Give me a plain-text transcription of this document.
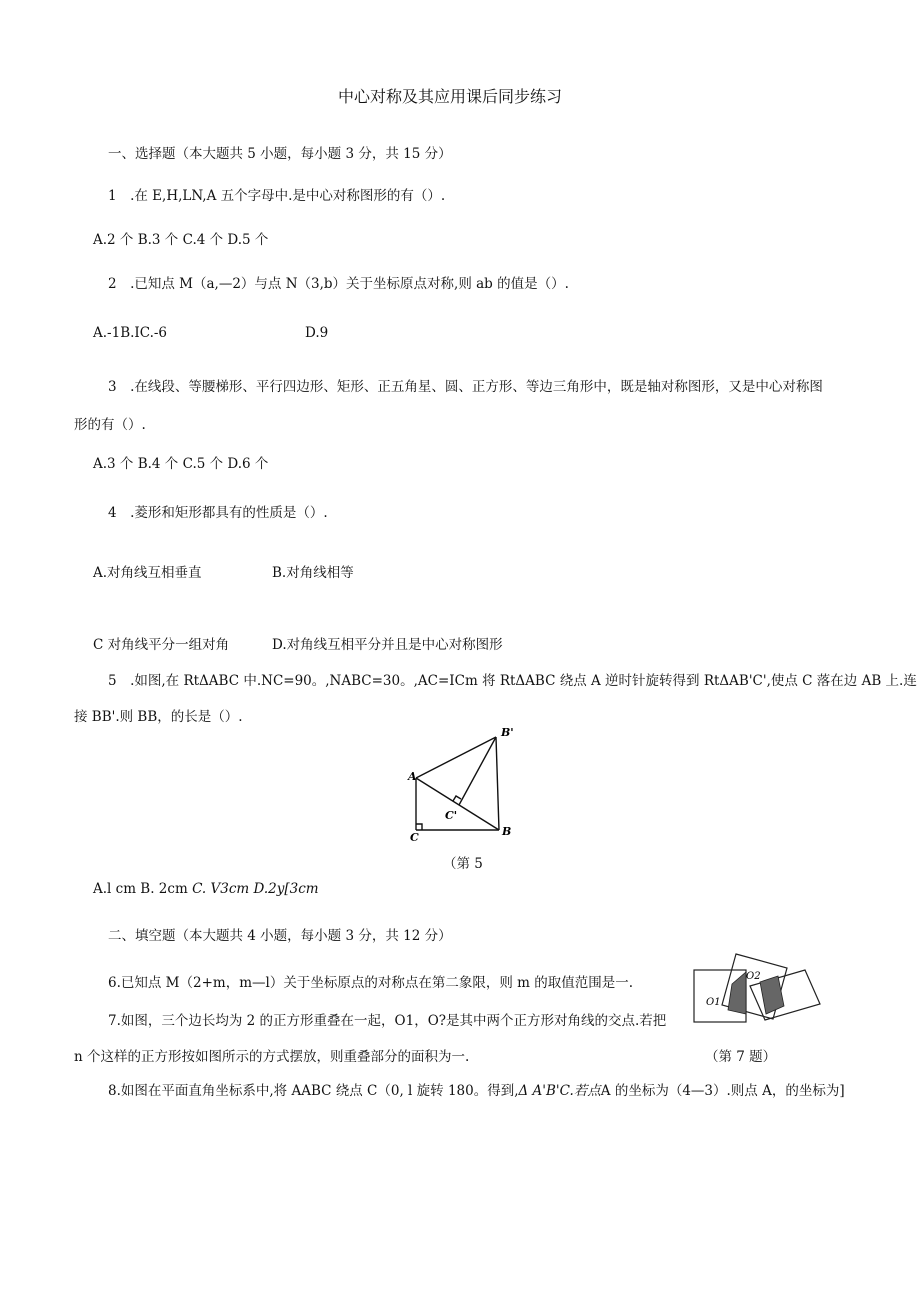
中心对称及其应用课后同步练习
一、选择题（本大题共 5 小题，每小题 3 分，共 15 分）
1　.在 E,H,LN,A 五个字母中.是中心对称图形的有（）.
A.2 个 B.3 个 C.4 个 D.5 个
2　.已知点 M（a,—2）与点 N（3,b）关于坐标原点对称,则 ab 的值是（）.
A.-1B.IC.-6	D.9
3　.在线段、等腰梯形、平行四边形、矩形、正五角星、圆、正方形、等边三角形中，既是轴对称图形，又是中心对称图
形的有（）.
A.3 个 B.4 个 C.5 个 D.6 个
4　.菱形和矩形都具有的性质是（）.
A.对角线互相垂直	B.对角线相等
C 对角线平分一组对角	D.对角线互相平分并且是中心对称图形
5　.如图,在 RtΔABC 中.NC=90。,NABC=30。,AC=ICm 将 RtΔABC 绕点 A 逆时针旋转得到 RtΔAB'C',使点 C 落在边 AB 上.连
接 BB'.则 BB，的长是（）.
A
B
C
B'
C'
（第 5
A.l cm B. 2cm C. V3cm D.2y[3cm
二、填空题（本大题共 4 小题，每小题 3 分，共 12 分）
6.已知点 M（2+m，m—l）关于坐标原点的对称点在第二象限，则 m 的取值范围是一.
O1
O2
7.如图，三个边长均为 2 的正方形重叠在一起，O1，O?是其中两个正方形对角线的交点.若把
n 个这样的正方形按如图所示的方式摆放，则重叠部分的面积为一.	（第 7 题）
8.如图在平面直角坐标系中,将 AABC 绕点 C（0, l 旋转 180。得到,Δ A'B'C.若点A 的坐标为（4—3）.则点 A，的坐标为]
